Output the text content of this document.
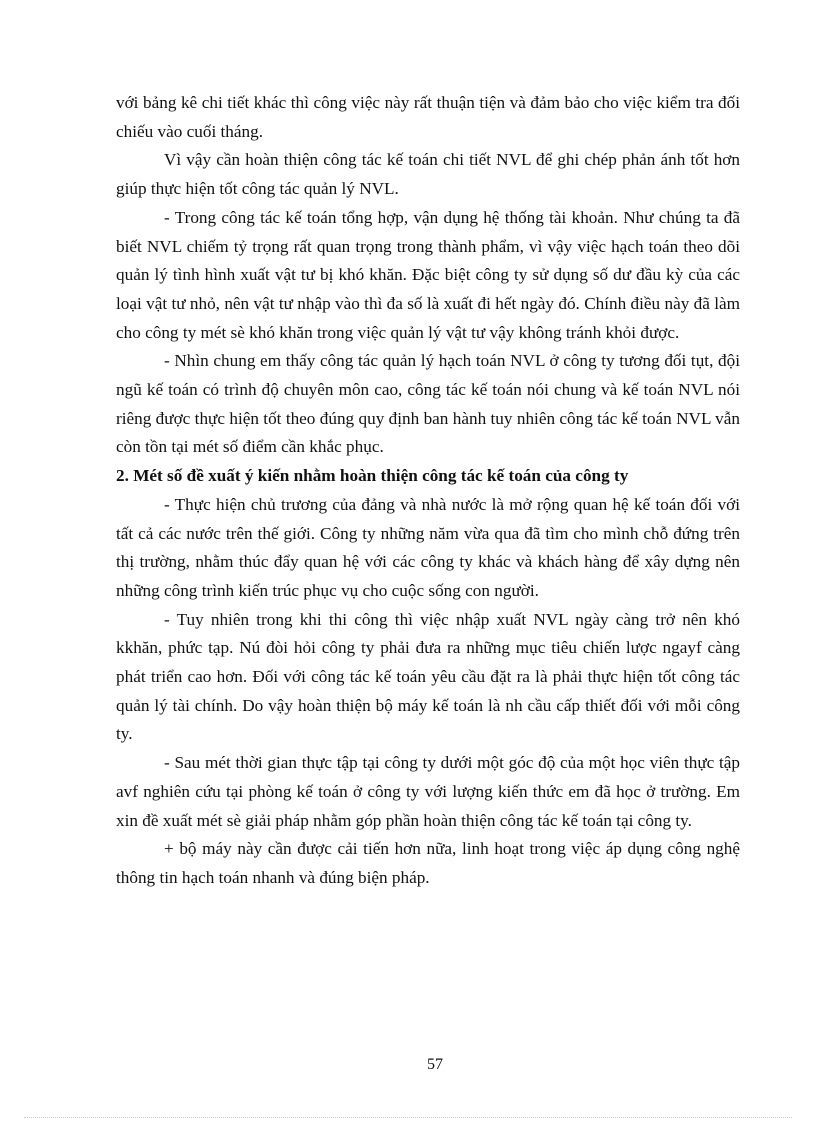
với bảng kê chi tiết khác thì công việc này rất thuận tiện và đảm bảo cho việc kiểm tra đối chiếu vào cuối tháng.

Vì vậy cần hoàn thiện công tác kế toán chi tiết NVL để ghi chép phản ánh tốt hơn giúp thực hiện tốt công tác quản lý NVL.

- Trong công tác kế toán tổng hợp, vận dụng hệ thống tài khoản. Như chúng ta đã biết NVL chiếm tỷ trọng rất quan trọng trong thành phẩm, vì vậy việc hạch toán theo dõi quản lý tình hình xuất vật tư bị khó khăn. Đặc biệt công ty sử dụng số dư đầu kỳ của các loại vật tư nhỏ, nên vật tư nhập vào thì đa số là xuất đi hết ngày đó. Chính điều này đã làm cho công ty mét sè khó khăn trong việc quản lý vật tư vậy không tránh khỏi được.

- Nhìn chung em thấy công tác quản lý hạch toán NVL ở công ty tương đối tụt, đội ngũ kế toán có trình độ chuyên môn cao, công tác kế toán nói chung và kế toán NVL nói riêng được thực hiện tốt theo đúng quy định ban hành tuy nhiên công tác kế toán NVL vẫn còn tồn tại mét số điểm cần khắc phục.

2. Mét số đề xuất ý kiến nhằm hoàn thiện công tác kế toán của công ty

- Thực hiện chủ trương của đảng và nhà nước là mở rộng quan hệ kế toán đối với tất cả các nước trên thế giới. Công ty những năm vừa qua đã tìm cho mình chỗ đứng trên thị trường, nhằm thúc đẩy quan hệ với các công ty khác và khách hàng để xây dựng nên những công trình kiến trúc phục vụ cho cuộc sống con người.

- Tuy nhiên trong khi thi công thì việc nhập xuất NVL ngày càng trở nên khó kkhăn, phức tạp. Nú đòi hỏi công ty phải đưa ra những mục tiêu chiến lược ngayf càng phát triển cao hơn. Đối với công tác kế toán yêu cầu đặt ra là phải thực hiện tốt công tác quản lý tài chính. Do vậy hoàn thiện bộ máy kế toán là nh cầu cấp thiết đối với mỗi công ty.

- Sau mét thời gian thực tập tại công ty dưới một góc độ của một học viên thực tập avf nghiên cứu tại phòng kế toán ở công ty với lượng kiến thức em đã học ở trường. Em xin đề xuất mét sè giải pháp nhằm góp phần hoàn thiện công tác kế toán tại công ty.

+ bộ máy này cần được cải tiến hơn nữa, linh hoạt trong việc áp dụng công nghệ thông tin hạch toán nhanh và đúng biện pháp.

57
